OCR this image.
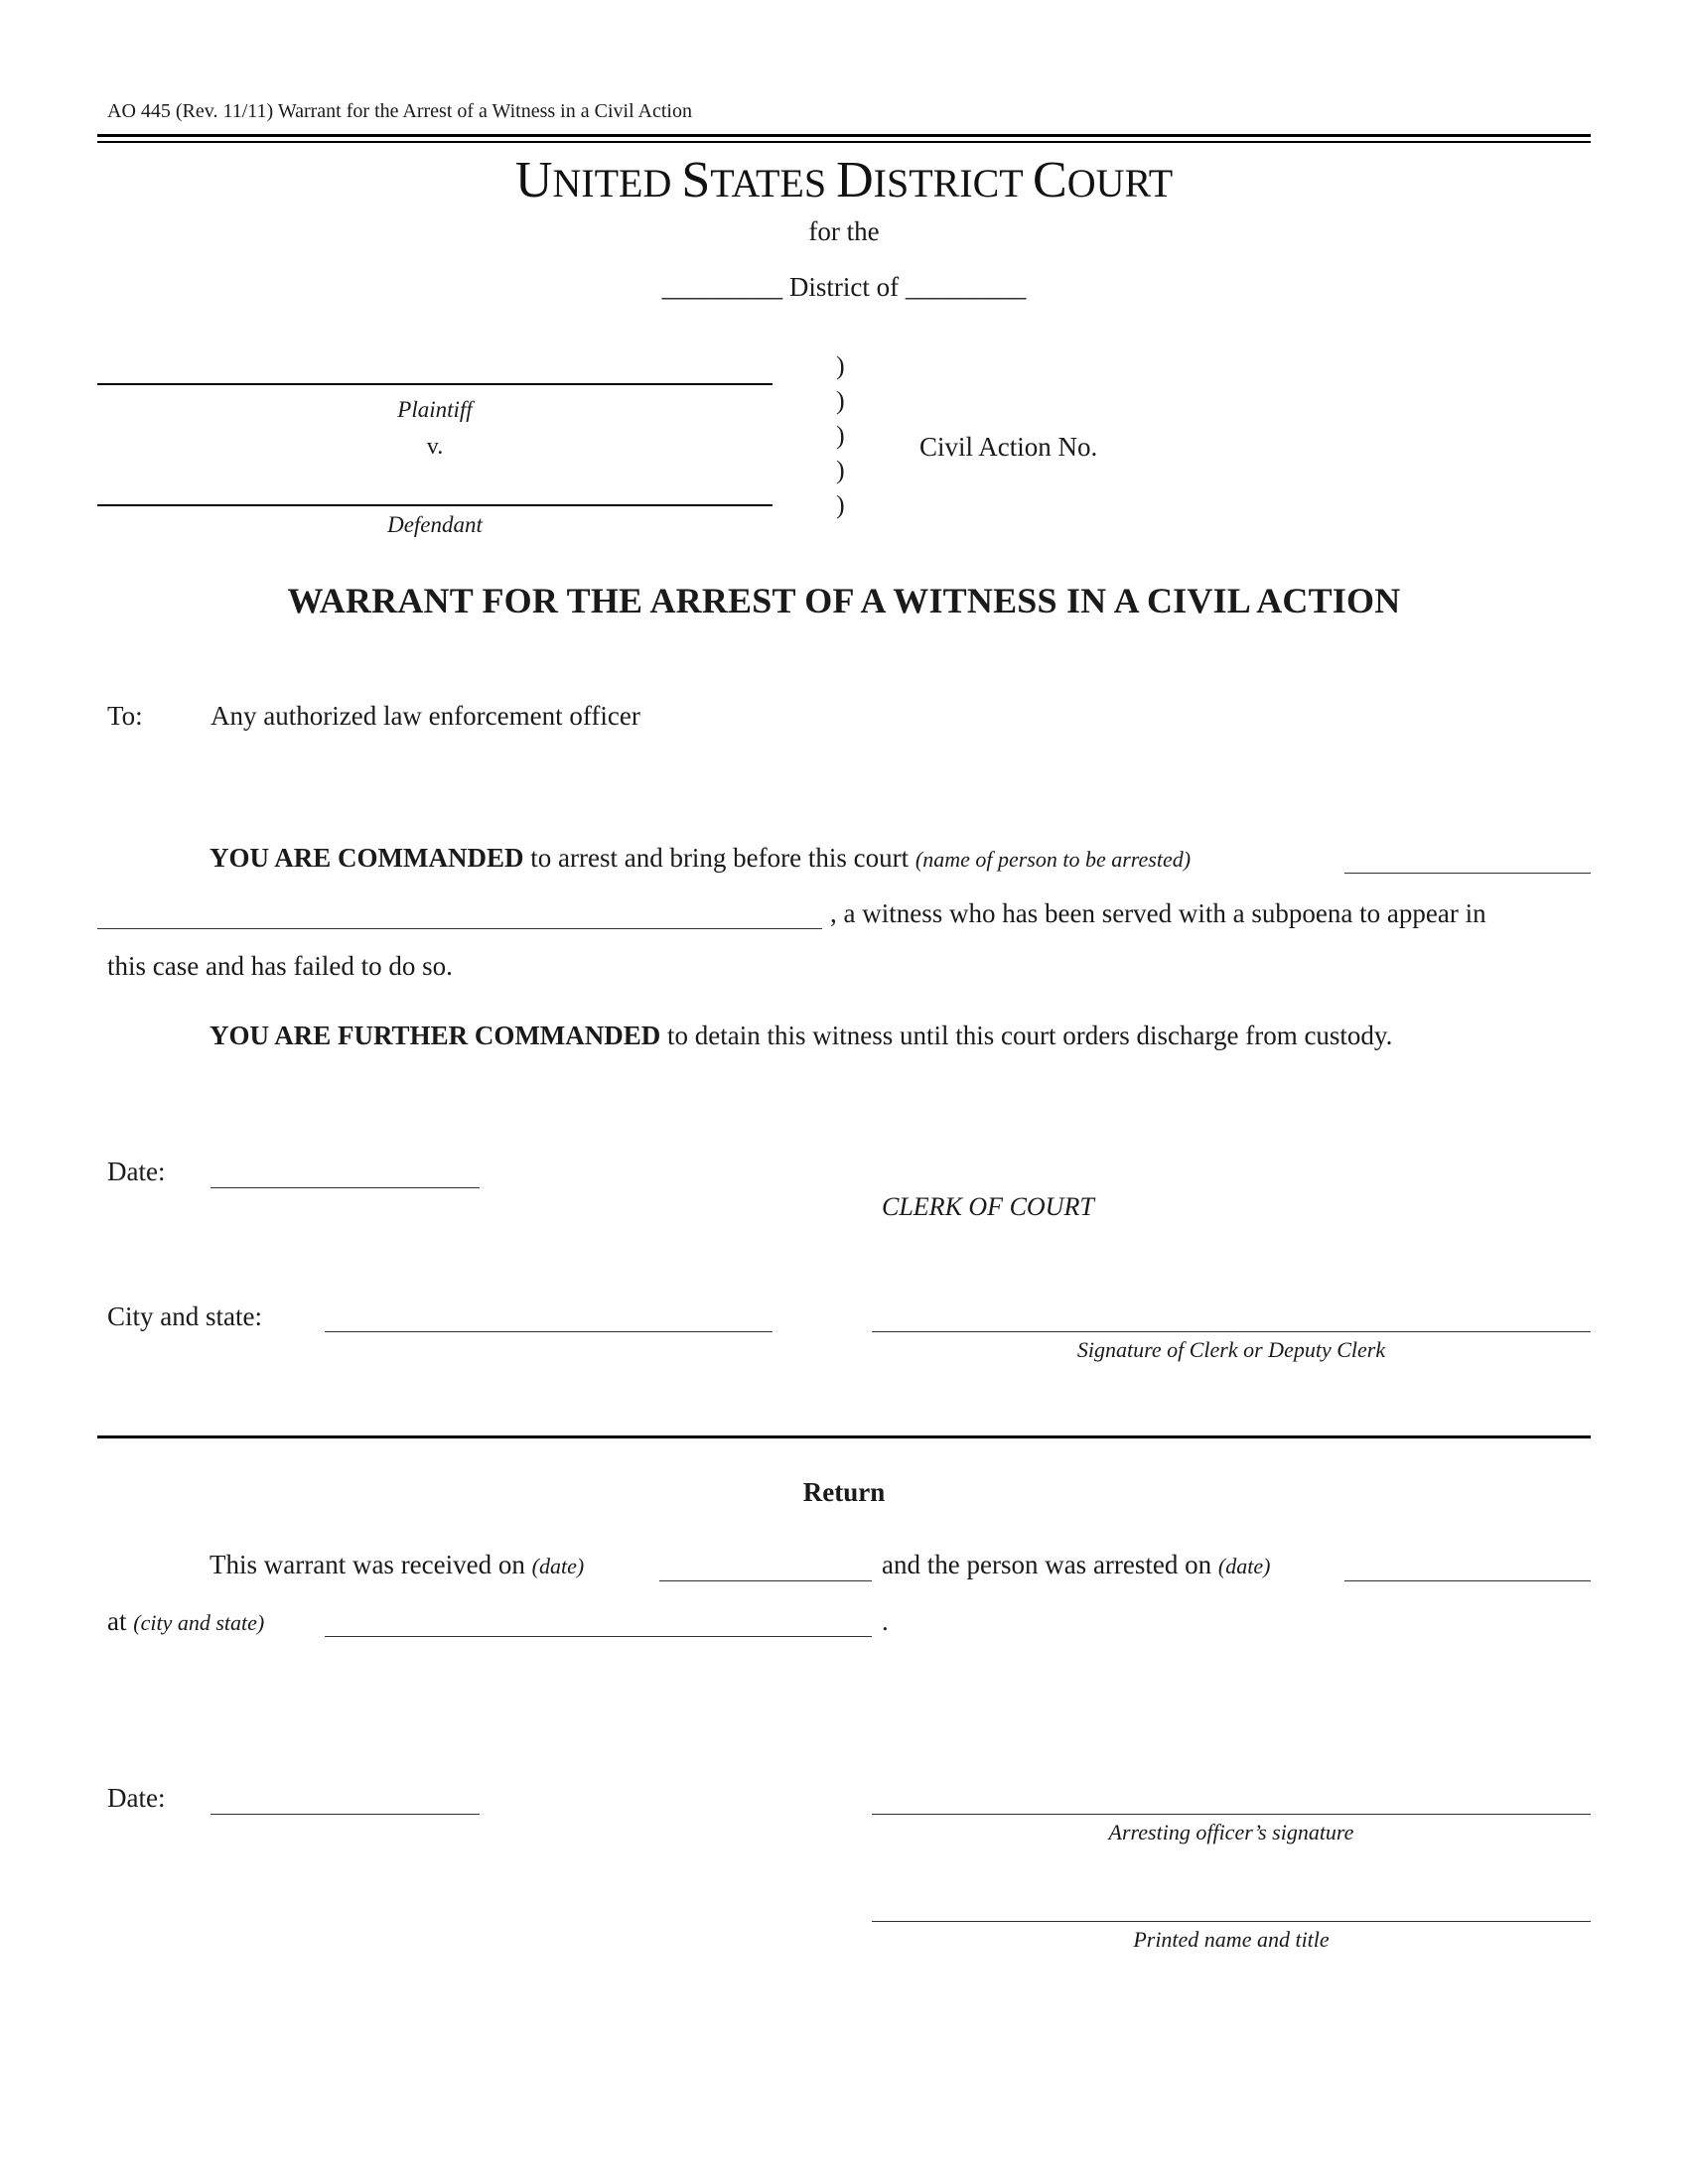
AO 445 (Rev. 11/11) Warrant for the Arrest of a Witness in a Civil Action
UNITED STATES DISTRICT COURT
for the
_________ District of _________
Plaintiff
v.
Defendant
)
)
)
)
)
Civil Action No.
WARRANT FOR THE ARREST OF A WITNESS IN A CIVIL ACTION
To:	Any authorized law enforcement officer
YOU ARE COMMANDED to arrest and bring before this court (name of person to be arrested)
, a witness who has been served with a subpoena to appear in
this case and has failed to do so.
YOU ARE FURTHER COMMANDED to detain this witness until this court orders discharge from custody.
Date:
CLERK OF COURT
City and state:
Signature of Clerk or Deputy Clerk
Return
This warrant was received on (date)	and the person was arrested on (date)
at (city and state)	.
Date:
Arresting officer’s signature
Printed name and title
